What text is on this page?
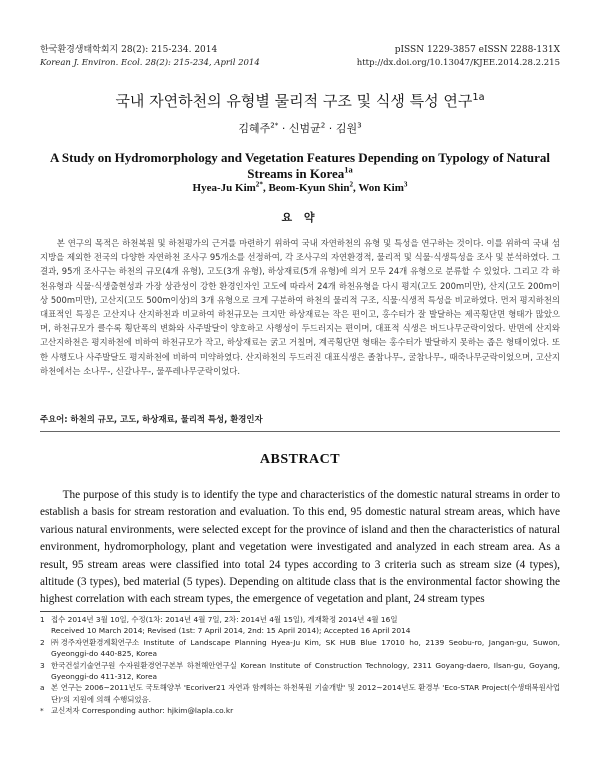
한국환경생태학회지 28(2): 215-234. 2014
Korean J. Environ. Ecol. 28(2): 215-234, April 2014
pISSN 1229-3857 eISSN 2288-131X
http://dx.doi.org/10.13047/KJEE.2014.28.2.215
국내 자연하천의 유형별 물리적 구조 및 식생 특성 연구$^{1a}$
김혜주$^{2*}$ · 신범균$^2$ · 김원$^3$
A Study on Hydromorphology and Vegetation Features Depending on Typology of Natural Streams in Korea$^{1a}$
Hyea-Ju Kim$^{2*}$, Beom-Kyun Shin$^2$, Won Kim$^3$
요 약

본 연구의 목적은 하천복원 및 하천평가의 근거를 마련하기 위하여 국내 자연하천의 유형 및 특성을 연구하는 것이다. 이를 위하여 국내 섬 지방을 제외한 전국의 다양한 자연하천 조사구 95개소를 선정하여, 각 조사구의 자연환경적, 물리적 및 식물·식생특성을 조사 및 분석하였다. 그 결과, 95개 조사구는 하천의 규모(4개 유형), 고도(3개 유형), 하상재료(5개 유형)에 의거 모두 24개 유형으로 분류할 수 있었다. 그리고 각 하천유형과 식물·식생출현성과 가장 상관성이 강한 환경인자인 고도에 따라서 24개 하천유형을 다시 평지(고도 200m미만), 산지(고도 200m이상 500m미만), 고산지(고도 500m이상)의 3개 유형으로 크게 구분하여 하천의 물리적 구조, 식물·식생적 특성을 비교하였다. 먼저 평지하천의 대표적인 특징은 고산지나 산지하천과 비교하여 하천규모는 크지만 하상재료는 작은 편이고, 홍수터가 잘 발달하는 제곡횡단면 형태가 많았으며, 하천규모가 클수록 횡단폭의 변화와 사주발달이 양호하고 사행성이 두드러지는 편이며, 대표적 식생은 버드나무군락이었다. 반면에 산지와 고산지하천은 평지하천에 비하여 하천규모가 작고, 하상재료는 굵고 거칠며, 계곡횡단면 형태는 홍수터가 발달하지 못하는 좁은 형태이었다. 또한 사행도나 사주발달도 평지하천에 비하여 미약하였다. 산지하천의 두드러진 대표식생은 졸참나무-, 굴참나무-, 때죽나무군락이었으며, 고산지하천에서는 소나무-, 신갈나무-, 물푸레나무군락이었다.

주요어: 하천의 규모, 고도, 하상재료, 물리적 특성, 환경인자
ABSTRACT

The purpose of this study is to identify the type and characteristics of the domestic natural streams in order to establish a basis for stream restoration and evaluation. To this end, 95 domestic natural stream areas, which have various natural environments, were selected except for the province of island and then the characteristics of natural environment, hydromorphology, plant and vegetation were investigated and analyzed in each stream area. As a result, 95 stream areas were classified into total 24 types according to 3 criteria such as stream size (4 types), altitude (3 types), bed material (5 types). Depending on altitude class that is the environmental factor showing the highest correlation with each stream types, the emergence of vegetation and plant, 24 stream types

1 접수 2014년 3월 10일, 수정(1차: 2014년 4월 7일, 2차: 2014년 4월 15일), 게재확정 2014년 4월 16일
Received 10 March 2014; Revised (1st: 7 April 2014, 2nd: 15 April 2014); Accepted 16 April 2014
2 ㈜경주자연환경계획연구소 Institute of Landscape Planning Hyea-Ju Kim, SK HUB Blue 17010 ho, 2139 Seobu-ro, Jangan-gu, Suwon, Gyeonggi-do 440-825, Korea
3 한국건설기술연구원 수자원환경연구본부 하천해안연구실 Korean Institute of Construction Technology, 2311 Goyang-daero, Ilsan-gu, Goyang, Gyeonggi-do 411-312, Korea
a 본 연구는 2006~2011년도 국토해양부 'Ecoriver21 자연과 함께하는 하천복원 기술개발' 및 2012~2014년도 환경부 'Eco-STAR Project(수생태복원사업단)'의 지원에 의해 수행되었음.
* 교신저자 Corresponding author: hjkim@lapla.co.kr
